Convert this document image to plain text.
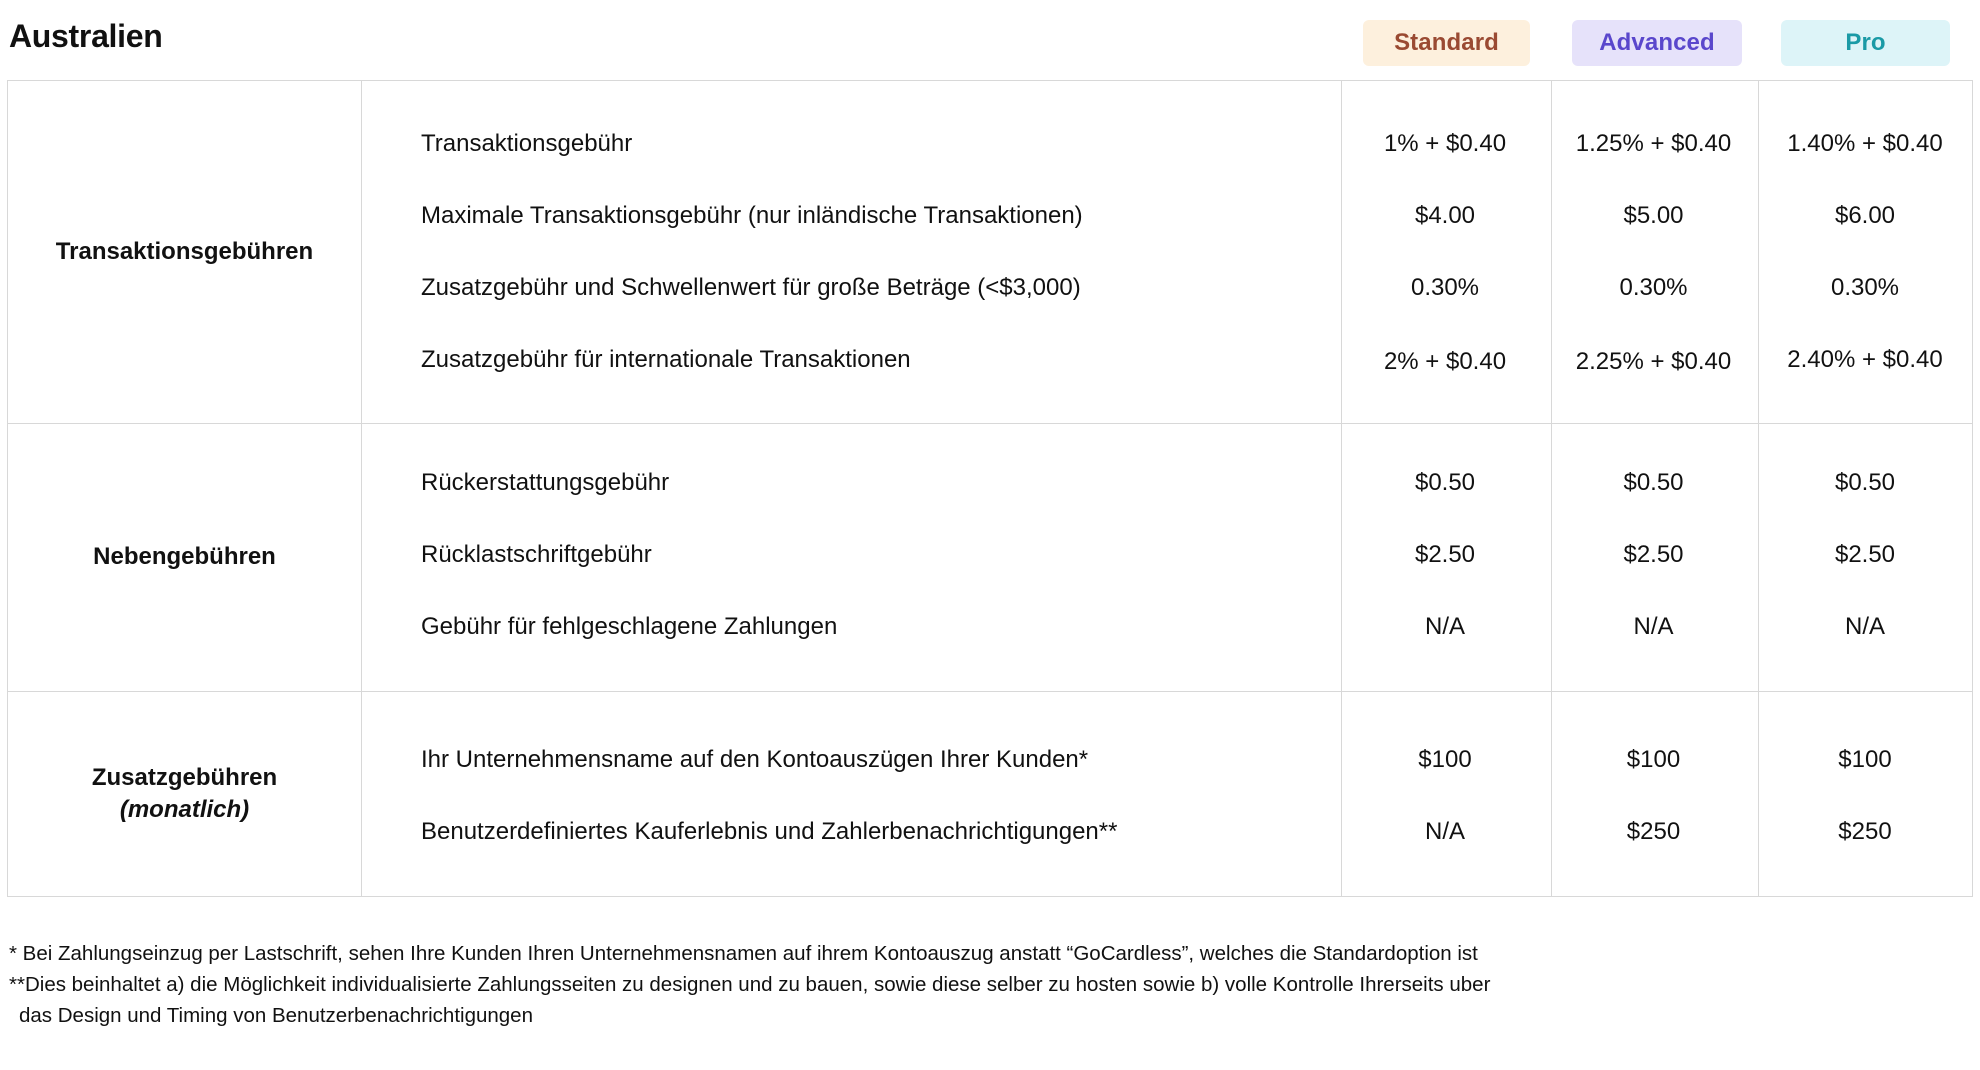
Australien	Standard	Advanced	Pro
Transaktionsgebühren
Transaktionsgebühr	1% + $0.40	1.25% + $0.40	1.40% + $0.40
Maximale Transaktionsgebühr (nur inländische Transaktionen)	$4.00	$5.00	$6.00
Zusatzgebühr und Schwellenwert für große Beträge (<$3,000)	0.30%	0.30%	0.30%
Zusatzgebühr für internationale Transaktionen	2% + $0.40	2.25% + $0.40	2.40% + $0.40
Nebengebühren
Rückerstattungsgebühr	$0.50	$0.50	$0.50
Rücklastschriftgebühr	$2.50	$2.50	$2.50
Gebühr für fehlgeschlagene Zahlungen	N/A	N/A	N/A
Zusatzgebühren
(monatlich)
Ihr Unternehmensname auf den Kontoauszügen Ihrer Kunden*	$100	$100	$100
Benutzerdefiniertes Kauferlebnis und Zahlerbenachrichtigungen**	N/A	$250	$250
* Bei Zahlungseinzug per Lastschrift, sehen Ihre Kunden Ihren Unternehmensnamen auf ihrem Kontoauszug anstatt “GoCardless”, welches die Standardoption ist
**Dies beinhaltet a) die Möglichkeit individualisierte Zahlungsseiten zu designen und zu bauen, sowie diese selber zu hosten sowie b) volle Kontrolle Ihrerseits uber
das Design und Timing von Benutzerbenachrichtigungen
